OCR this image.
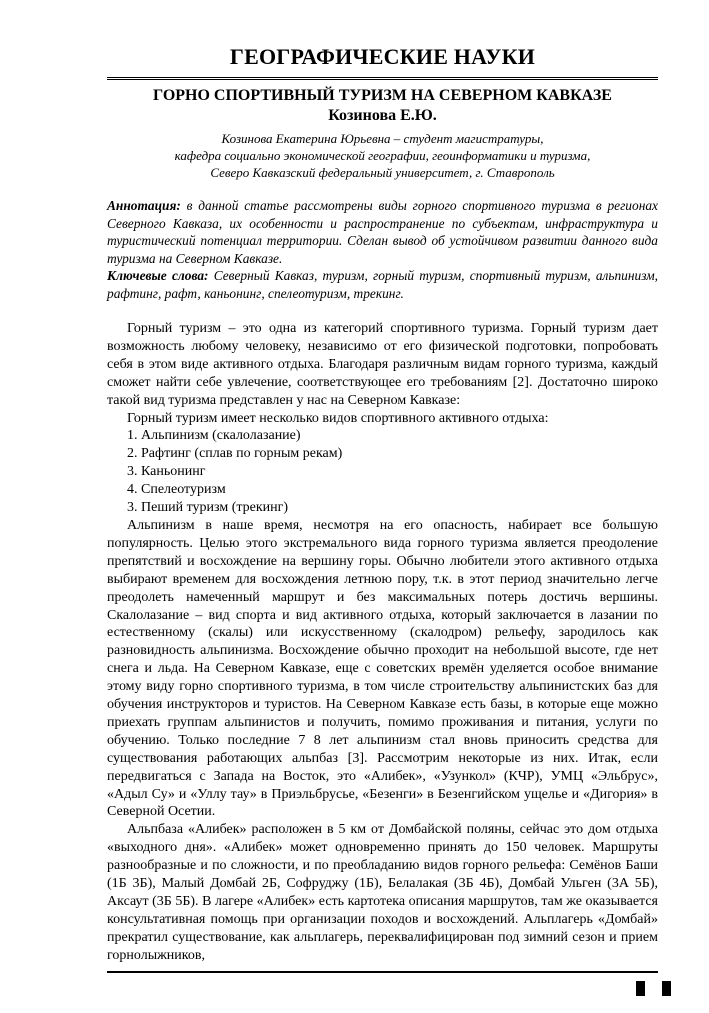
ГЕОГРАФИЧЕСКИЕ НАУКИ
ГОРНО СПОРТИВНЫЙ ТУРИЗМ НА СЕВЕРНОМ КАВКАЗЕ
Козинова Е.Ю.
Козинова Екатерина Юрьевна – студент магистратуры,
кафедра социально экономической географии, геоинформатики и туризма,
Северо Кавказский федеральный университет, г. Ставрополь
Аннотация: в данной статье рассмотрены виды горного спортивного туризма в регионах Северного Кавказа, их особенности и распространение по субъектам, инфраструктура и туристический потенциал территории. Сделан вывод об устойчивом развитии данного вида туризма на Северном Кавказе.
Ключевые слова: Северный Кавказ, туризм, горный туризм, спортивный туризм, альпинизм, рафтинг, рафт, каньонинг, спелеотуризм, трекинг.

Горный туризм – это одна из категорий спортивного туризма. Горный туризм дает возможность любому человеку, независимо от его физической подготовки, попробовать себя в этом виде активного отдыха. Благодаря различным видам горного туризма, каждый сможет найти себе увлечение, соответствующее его требованиям [2]. Достаточно широко такой вид туризма представлен у нас на Северном Кавказе:

Горный туризм имеет несколько видов спортивного активного отдыха:

1. Альпинизм (скалолазание)

2. Рафтинг (сплав по горным рекам)

3. Каньонинг

4. Спелеотуризм

3. Пеший туризм (трекинг)

Альпинизм в наше время, несмотря на его опасность, набирает все большую популярность. Целью этого экстремального вида горного туризма является преодоление препятствий и восхождение на вершину горы. Обычно любители этого активного отдыха выбирают временем для восхождения летнюю пору, т.к. в этот период значительно легче преодолеть намеченный маршрут и без максимальных потерь достичь вершины. Скалолазание – вид спорта и вид активного отдыха, который заключается в лазании по естественному (скалы) или искусственному (скалодром) рельефу, зародилось как разновидность альпинизма. Восхождение обычно проходит на небольшой высоте, где нет снега и льда. На Северном Кавказе, еще с советских времён уделяется особое внимание этому виду горно спортивного туризма, в том числе строительству альпинистских баз для обучения инструкторов и туристов. На Северном Кавказе есть базы, в которые еще можно приехать группам альпинистов и получить, помимо проживания и питания, услуги по обучению. Только последние 7 8 лет альпинизм стал вновь приносить средства для существования работающих альпбаз [3]. Рассмотрим некоторые из них. Итак, если передвигаться с Запада на Восток, это «Алибек», «Узункол» (КЧР), УМЦ «Эльбрус», «Адыл Су» и «Уллу тау» в Приэльбрусье, «Безенги» в Безенгийском ущелье и «Дигория» в Северной Осетии.

Альпбаза «Алибек» расположен в 5 км от Домбайской поляны, сейчас это дом отдыха «выходного дня». «Алибек» может одновременно принять до 150 человек. Маршруты разнообразные и по сложности, и по преобладанию видов горного рельефа: Семёнов Баши (1Б 3Б), Малый Домбай 2Б, Софруджу (1Б), Белалакая (3Б 4Б), Домбай Ульген (3А 5Б), Аксаут (3Б 5Б). В лагере «Алибек» есть картотека описания маршрутов, там же оказывается консультативная помощь при организации походов и восхождений. Альплагерь «Домбай» прекратил существование, как альплагерь, переквалифицирован под зимний сезон и прием горнолыжников,
